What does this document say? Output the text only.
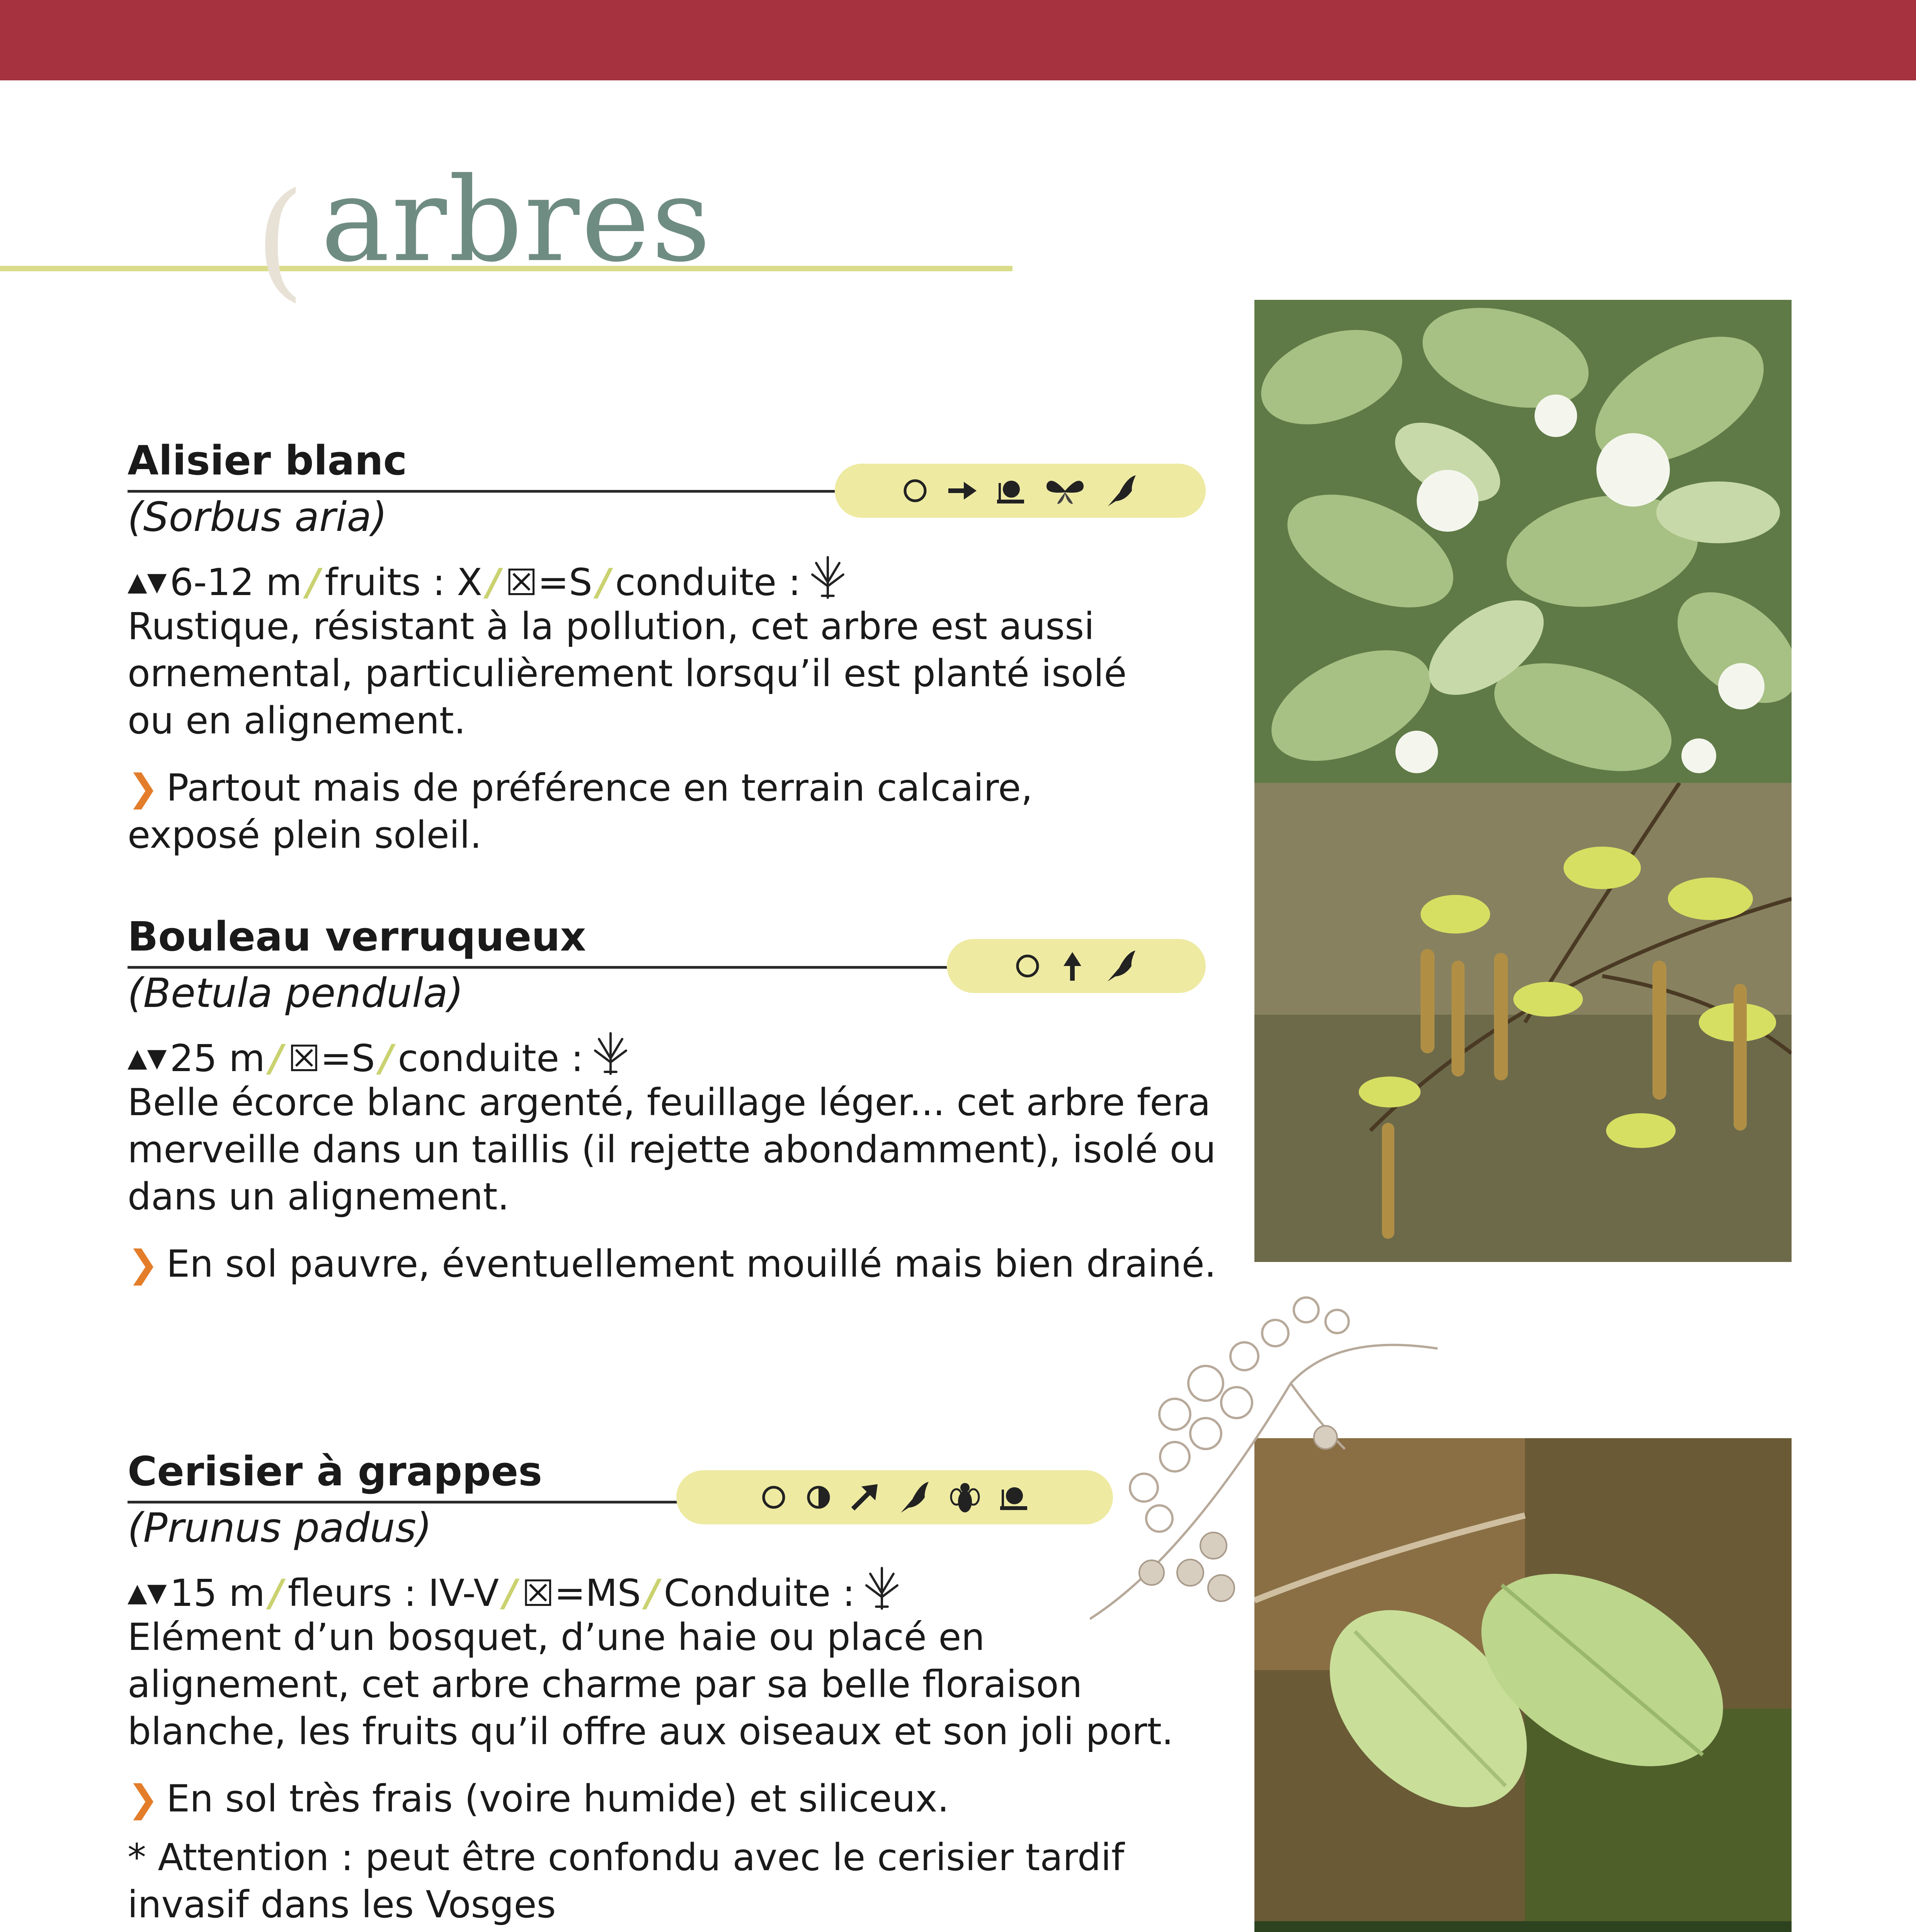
( arbres
Alisier blanc
(Sorbus aria)
▲▼6-12 m / fruits : X / ☒=S / conduite :
Rustique, résistant à la pollution, cet arbre est aussi
ornemental, particulièrement lorsqu’il est planté isolé
ou en alignement.
❯ Partout mais de préférence en terrain calcaire,
exposé plein soleil.
Bouleau verruqueux
(Betula pendula)
▲▼25 m / ☒=S / conduite :
Belle écorce blanc argenté, feuillage léger... cet arbre fera
merveille dans un taillis (il rejette abondamment), isolé ou
dans un alignement.
❯ En sol pauvre, éventuellement mouillé mais bien drainé.
Cerisier à grappes
(Prunus padus)
▲▼15 m / fleurs : IV-V / ☒=MS / Conduite :
Elément d’un bosquet, d’une haie ou placé en
alignement, cet arbre charme par sa belle floraison
blanche, les fruits qu’il offre aux oiseaux et son joli port.
❯ En sol très frais (voire humide) et siliceux.
* Attention : peut être confondu avec le cerisier tardif
invasif dans les Vosges
